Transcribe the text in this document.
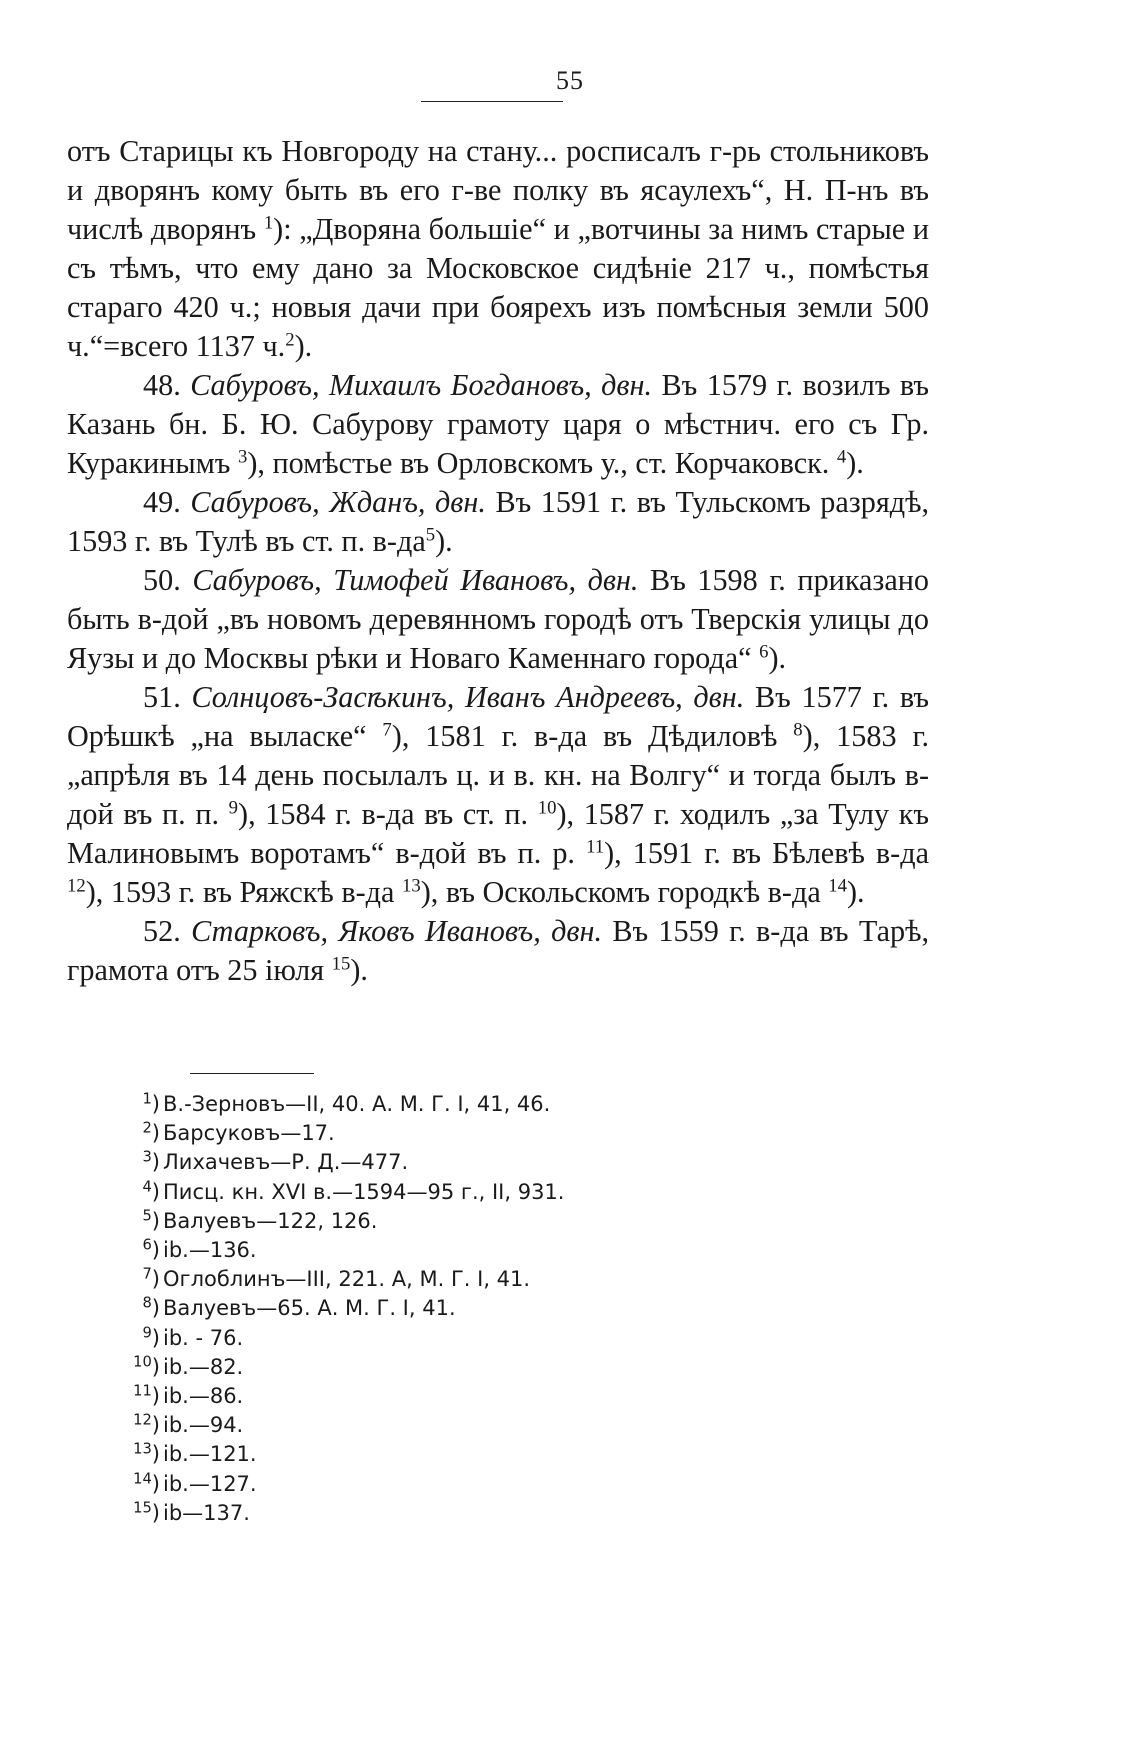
55

отъ Старицы къ Новгороду на стану... росписалъ г-рь стольниковъ и дворянъ кому быть въ его г-ве полку въ ясаулехъ“, Н. П-нъ въ числѣ дворянъ $^1$): „Дворяна большіе“ и „вотчины за нимъ старые и съ тѣмъ, что ему дано за Московское сидѣніе 217 ч., помѣстья стараго 420 ч.; новыя дачи при боярехъ изъ помѣсныя земли 500 ч.“=всего 1137 ч.$^2$).

48. Сабуровъ, Михаилъ Богдановъ, двн. Въ 1579 г. возилъ въ Казань бн. Б. Ю. Сабурову грамоту царя о мѣстнич. его съ Гр. Куракинымъ $^3$), помѣстье въ Орловскомъ у., ст. Корчаковск. $^4$).

49. Сабуровъ, Жданъ, двн. Въ 1591 г. въ Тульскомъ разрядѣ, 1593 г. въ Тулѣ въ ст. п. $в-да^5$).

50. Сабуровъ, Тимофей Ивановъ, двн. Въ 1598 г. приказано быть в-дой „въ новомъ деревянномъ городѣ отъ Тверскія улицы до Яузы и до Москвы рѣки и Новаго Каменнаго города“ $^6$).

51. Солнцовъ-Засѣкинъ, Иванъ Андреевъ, двн. Въ 1577 г. въ Орѣшкѣ „на выласке“ $^7$), 1581 г. в-да въ Дѣдиловѣ $^8$), 1583 г. „апрѣля въ 14 день посылалъ ц. и в. кн. на Волгу“ и тогда былъ в-дой въ п. п. $^9$), 1584 г. в-да въ ст. п. $^{10}$), 1587 г. ходилъ „за Тулу къ Малиновымъ воротамъ“ в-дой въ п. р. $^{11}$), 1591 г. въ Бѣлевѣ в-да $^{12}$), 1593 г. въ Ряжскѣ в-да $^{13}$), въ Оскольскомъ городкѣ в-да $^{14}$).

52. Старковъ, Яковъ Ивановъ, двн. Въ 1559 г. в-да въ Тарѣ, грамота отъ 25 іюля $^{15}$).

$^1$) В.-Зерновъ—II, 40. А. М. Г. I, 41, 46.
$^2$) Барсуковъ—17.
$^3$) Лихачевъ—Р. Д.—477.
$^4$) Писц. кн. XVI в.—1594—95 г., II, 931.
$^5$) Валуевъ—122, 126.
$^6$) ib.—136.
$^7$) Оглоблинъ—III, 221. А, М. Г. I, 41.
$^8$) Валуевъ—65. А. М. Г. I, 41.
$^9$) ib. - 76.
$^{10}$) ib.—82.
$^{11}$) ib.—86.
$^{12}$) ib.—94.
$^{13}$) ib.—121.
$^{14}$) ib.—127.
$^{15}$) ib—137.
